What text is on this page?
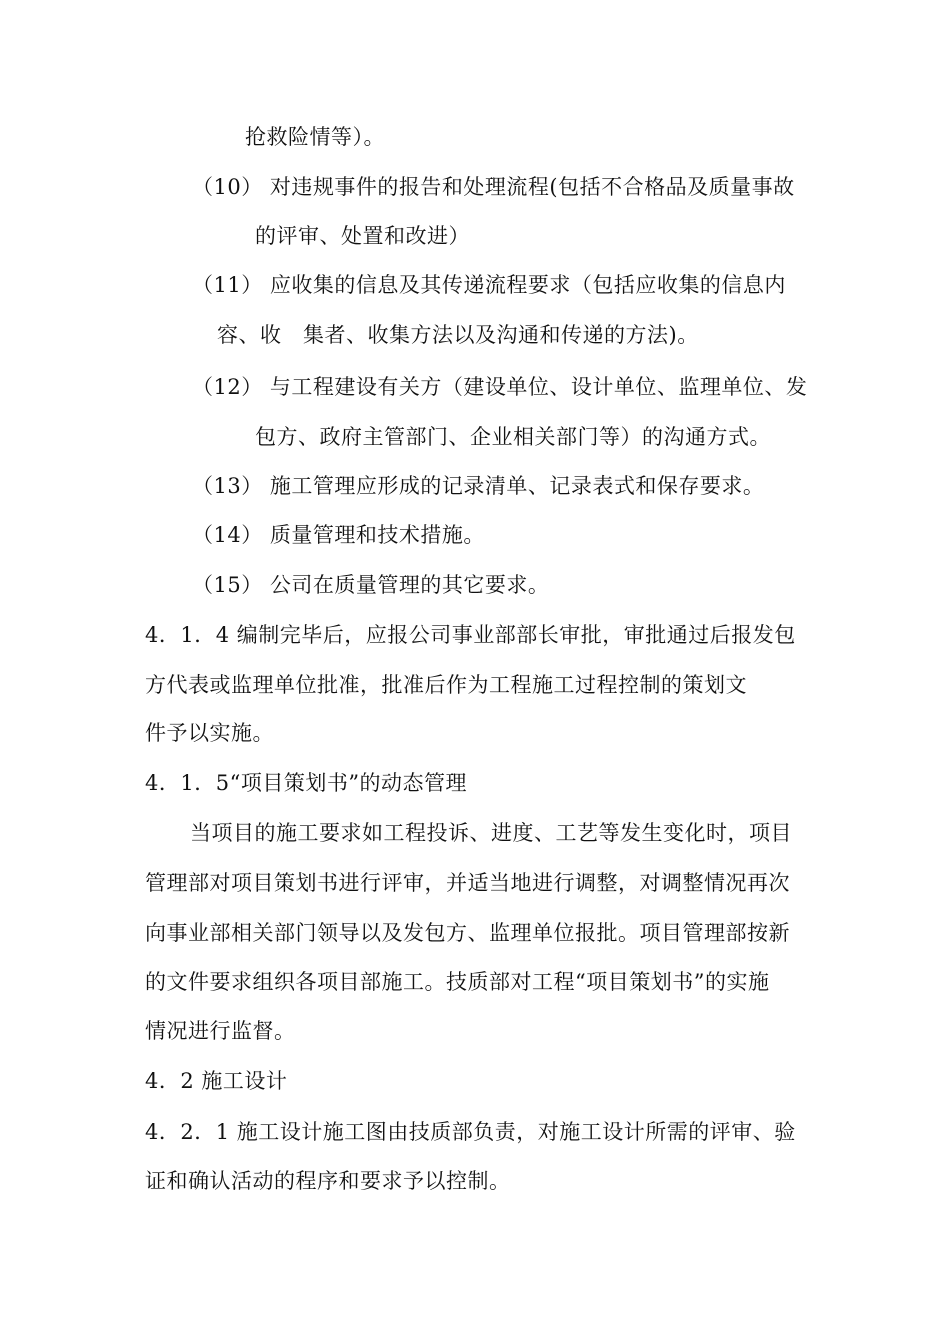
抢救险情等）。
（10） 对违规事件的报告和处理流程(包括不合格品及质量事故
的评审、处置和改进）
（11） 应收集的信息及其传递流程要求（包括应收集的信息内
容、收　集者、收集方法以及沟通和传递的方法)。
（12） 与工程建设有关方（建设单位、设计单位、监理单位、发
包方、政府主管部门、企业相关部门等）的沟通方式。
（13） 施工管理应形成的记录清单、记录表式和保存要求。
（14） 质量管理和技术措施。
（15） 公司在质量管理的其它要求。
4．1．4 编制完毕后，应报公司事业部部长审批，审批通过后报发包
方代表或监理单位批准，批准后作为工程施工过程控制的策划文
件予以实施。
4．1．5“项目策划书”的动态管理
当项目的施工要求如工程投诉、进度、工艺等发生变化时，项目
管理部对项目策划书进行评审，并适当地进行调整，对调整情况再次
向事业部相关部门领导以及发包方、监理单位报批。项目管理部按新
的文件要求组织各项目部施工。技质部对工程“项目策划书”的实施
情况进行监督。
4．2 施工设计
4．2．1 施工设计施工图由技质部负责，对施工设计所需的评审、验
证和确认活动的程序和要求予以控制。
